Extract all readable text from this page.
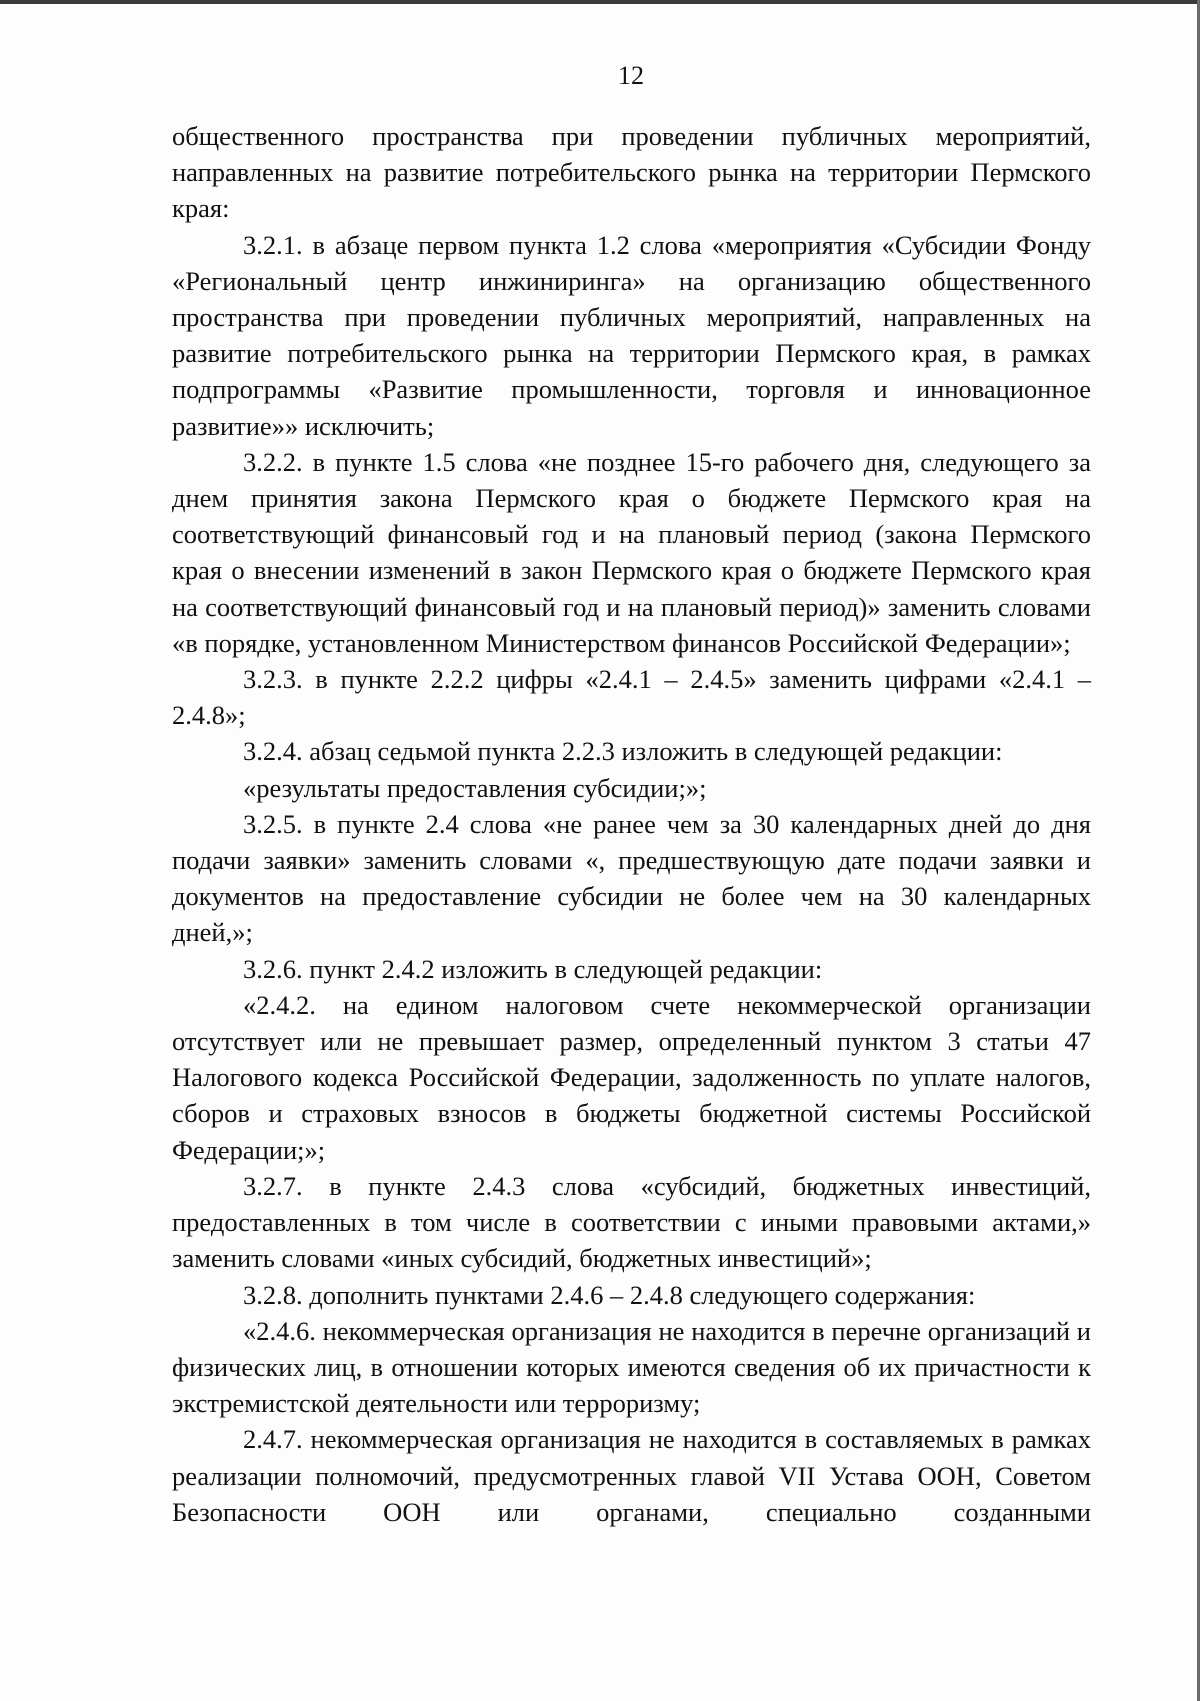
12

общественного пространства при проведении публичных мероприятий, направленных на развитие потребительского рынка на территории Пермского края:

3.2.1. в абзаце первом пункта 1.2 слова «мероприятия «Субсидии Фонду «Региональный центр инжиниринга» на организацию общественного пространства при проведении публичных мероприятий, направленных на развитие потребительского рынка на территории Пермского края, в рамках подпрограммы «Развитие промышленности, торговля и инновационное развитие»» исключить;

3.2.2. в пункте 1.5 слова «не позднее 15-го рабочего дня, следующего за днем принятия закона Пермского края о бюджете Пермского края на соответствующий финансовый год и на плановый период (закона Пермского края о внесении изменений в закон Пермского края о бюджете Пермского края на соответствующий финансовый год и на плановый период)» заменить словами «в порядке, установленном Министерством финансов Российской Федерации»;

3.2.3. в пункте 2.2.2 цифры «2.4.1 – 2.4.5» заменить цифрами «2.4.1 – 2.4.8»;

3.2.4. абзац седьмой пункта 2.2.3 изложить в следующей редакции:

«результаты предоставления субсидии;»;

3.2.5. в пункте 2.4 слова «не ранее чем за 30 календарных дней до дня подачи заявки» заменить словами «, предшествующую дате подачи заявки и документов на предоставление субсидии не более чем на 30 календарных дней,»;

3.2.6. пункт 2.4.2 изложить в следующей редакции:

«2.4.2. на едином налоговом счете некоммерческой организации отсутствует или не превышает размер, определенный пунктом 3 статьи 47 Налогового кодекса Российской Федерации, задолженность по уплате налогов, сборов и страховых взносов в бюджеты бюджетной системы Российской Федерации;»;

3.2.7. в пункте 2.4.3 слова «субсидий, бюджетных инвестиций, предоставленных в том числе в соответствии с иными правовыми актами,» заменить словами «иных субсидий, бюджетных инвестиций»;

3.2.8. дополнить пунктами 2.4.6 – 2.4.8 следующего содержания:

«2.4.6. некоммерческая организация не находится в перечне организаций и физических лиц, в отношении которых имеются сведения об их причастности к экстремистской деятельности или терроризму;

2.4.7. некоммерческая организация не находится в составляемых в рамках реализации полномочий, предусмотренных главой VII Устава ООН, Советом Безопасности ООН или органами, специально созданными
